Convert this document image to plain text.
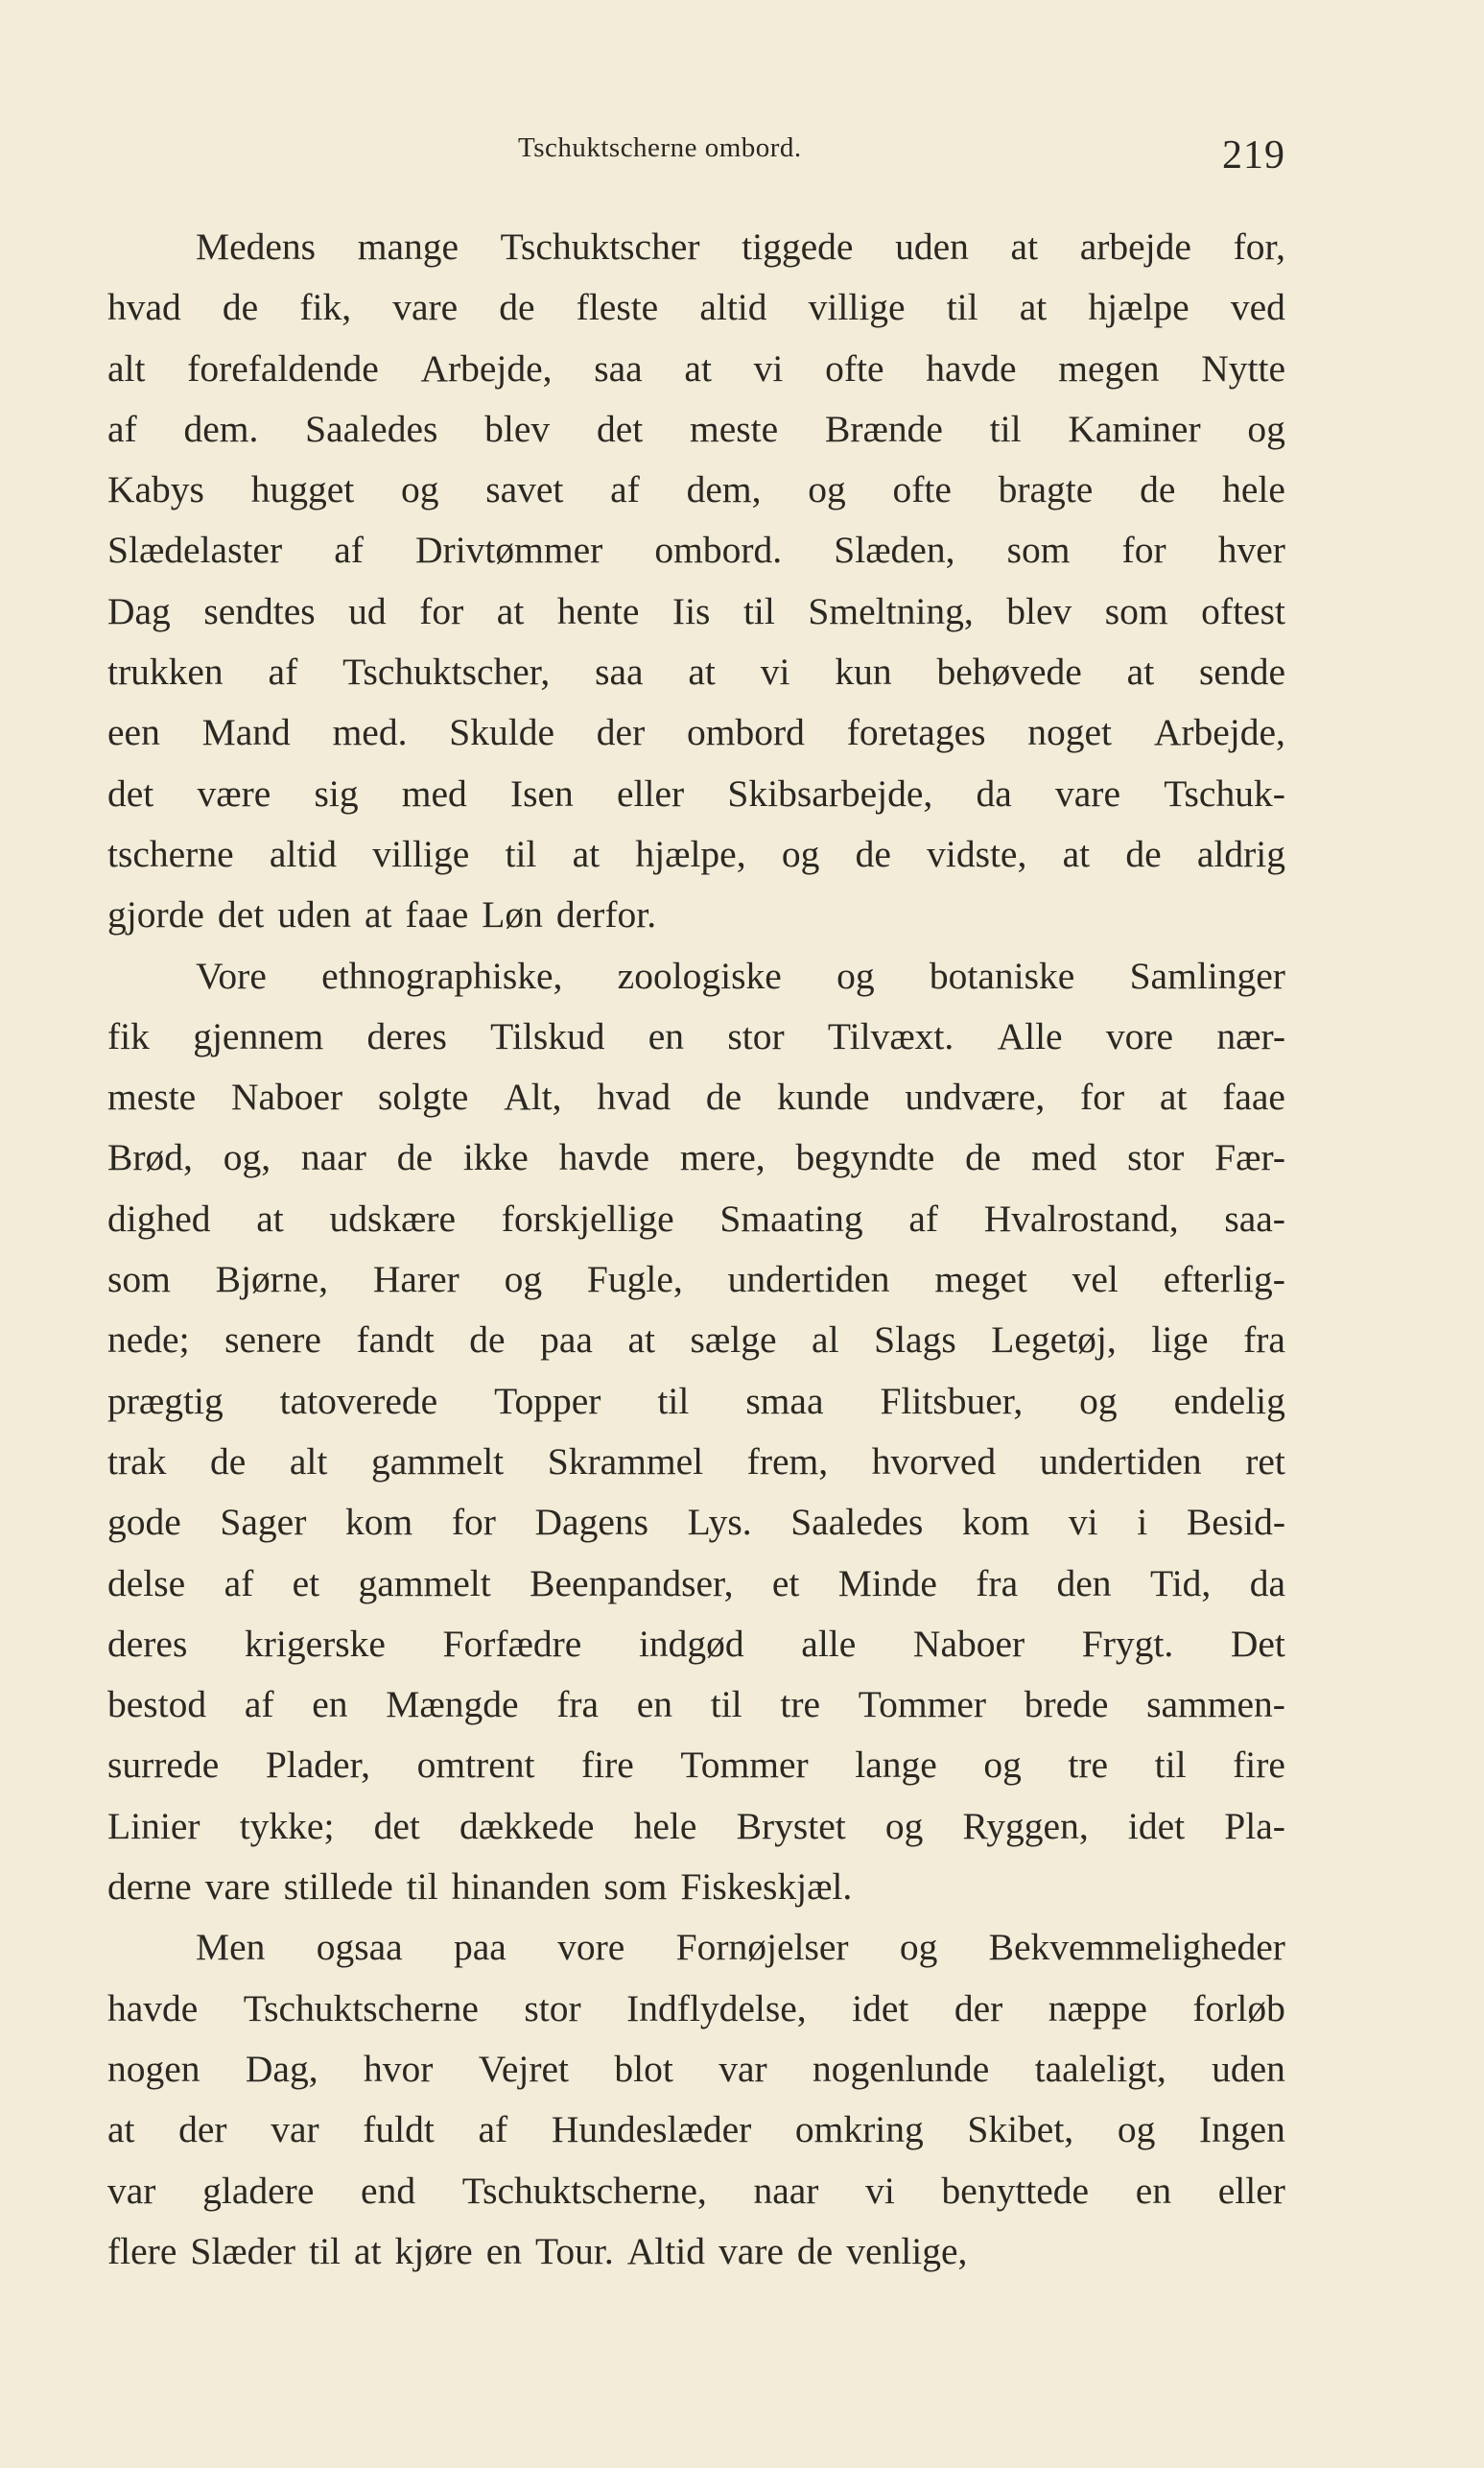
Tschuktscherne ombord.	219
Medens mange Tschuktscher tiggede uden at arbejde for,
hvad de fik, vare de fleste altid villige til at hjælpe ved
alt forefaldende Arbejde, saa at vi ofte havde megen Nytte
af dem. Saaledes blev det meste Brænde til Kaminer og
Kabys hugget og savet af dem, og ofte bragte de hele
Slædelaster af Drivtømmer ombord. Slæden, som for hver
Dag sendtes ud for at hente Iis til Smeltning, blev som oftest
trukken af Tschuktscher, saa at vi kun behøvede at sende
een Mand med. Skulde der ombord foretages noget Arbejde,
det være sig med Isen eller Skibsarbejde, da vare Tschuk-
tscherne altid villige til at hjælpe, og de vidste, at de aldrig
gjorde det uden at faae Løn derfor.
Vore ethnographiske, zoologiske og botaniske Samlinger
fik gjennem deres Tilskud en stor Tilvæxt. Alle vore nær-
meste Naboer solgte Alt, hvad de kunde undvære, for at faae
Brød, og, naar de ikke havde mere, begyndte de med stor Fær-
dighed at udskære forskjellige Smaating af Hvalrostand, saa-
som Bjørne, Harer og Fugle, undertiden meget vel efterlig-
nede; senere fandt de paa at sælge al Slags Legetøj, lige fra
prægtig tatoverede Topper til smaa Flitsbuer, og endelig
trak de alt gammelt Skrammel frem, hvorved undertiden ret
gode Sager kom for Dagens Lys. Saaledes kom vi i Besid-
delse af et gammelt Beenpandser, et Minde fra den Tid, da
deres krigerske Forfædre indgød alle Naboer Frygt. Det
bestod af en Mængde fra en til tre Tommer brede sammen-
surrede Plader, omtrent fire Tommer lange og tre til fire
Linier tykke; det dækkede hele Brystet og Ryggen, idet Pla-
derne vare stillede til hinanden som Fiskeskjæl.
Men ogsaa paa vore Fornøjelser og Bekvemmeligheder
havde Tschuktscherne stor Indflydelse, idet der næppe forløb
nogen Dag, hvor Vejret blot var nogenlunde taaleligt, uden
at der var fuldt af Hundeslæder omkring Skibet, og Ingen
var gladere end Tschuktscherne, naar vi benyttede en eller
flere Slæder til at kjøre en Tour. Altid vare de venlige,
